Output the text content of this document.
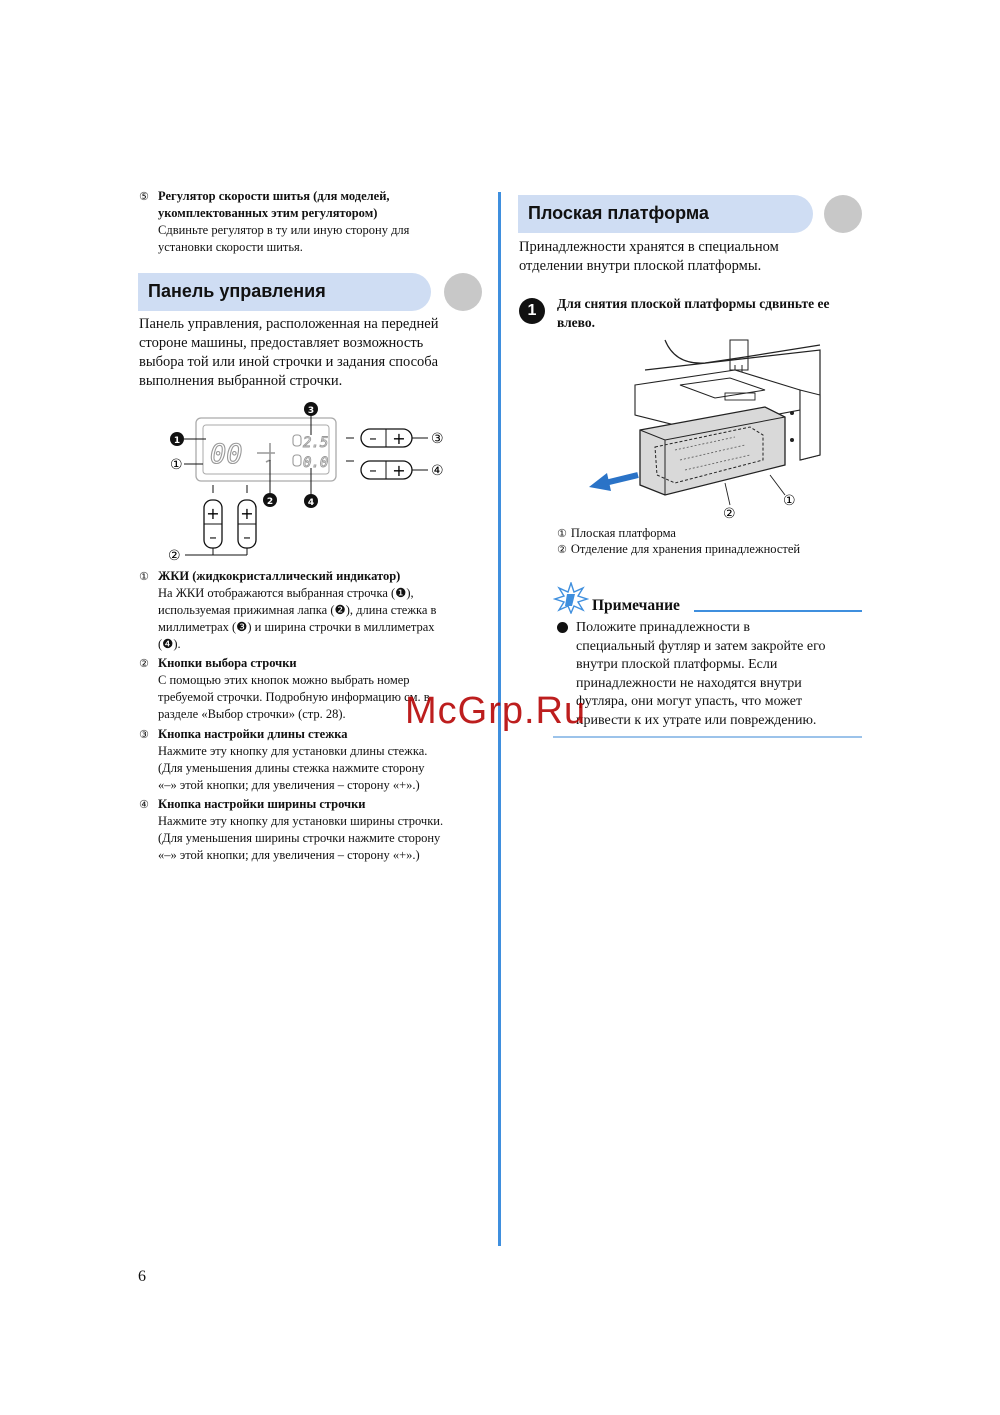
⑤ Регулятор скорости шитья (для моделей,
укомплектованных этим регулятором)
Сдвиньте регулятор в ту или иную сторону для
установки скорости шитья.
Панель управления
Панель управления, расположенная на передней
стороне машины, предоставляет возможность
выбора той или иной строчки и задания способа
выполнения выбранной строчки.
00	2.5
0.0
1
①
3
2	4
– + ③
– + ④
+
–
+
–
②
① ЖКИ (жидкокристаллический индикатор)
На ЖКИ отображаются выбранная строчка (❶),
используемая прижимная лапка (❷), длина стежка в
миллиметрах (❸) и ширина строчки в миллиметрах
(❹).
② Кнопки выбора строчки
С помощью этих кнопок можно выбрать номер
требуемой строчки. Подробную информацию см. в
разделе «Выбор строчки» (стр. 28).
③ Кнопка настройки длины стежка
Нажмите эту кнопку для установки длины стежка.
(Для уменьшения длины стежка нажмите сторону
«–» этой кнопки; для увеличения – сторону «+».)
④ Кнопка настройки ширины строчки
Нажмите эту кнопку для установки ширины строчки.
(Для уменьшения ширины строчки нажмите сторону
«–» этой кнопки; для увеличения – сторону «+».)
Плоская платформа
Принадлежности хранятся в специальном
отделении внутри плоской платформы.
1	Для снятия плоской платформы сдвиньте ее
влево.
①
②
① Плоская платформа
② Отделение для хранения принадлежностей
Примечание
Положите принадлежности в
специальный футляр и затем закройте его
внутри плоской платформы. Если
принадлежности не находятся внутри
футляра, они могут упасть, что может
привести к их утрате или повреждению.
6
McGrp.Ru
